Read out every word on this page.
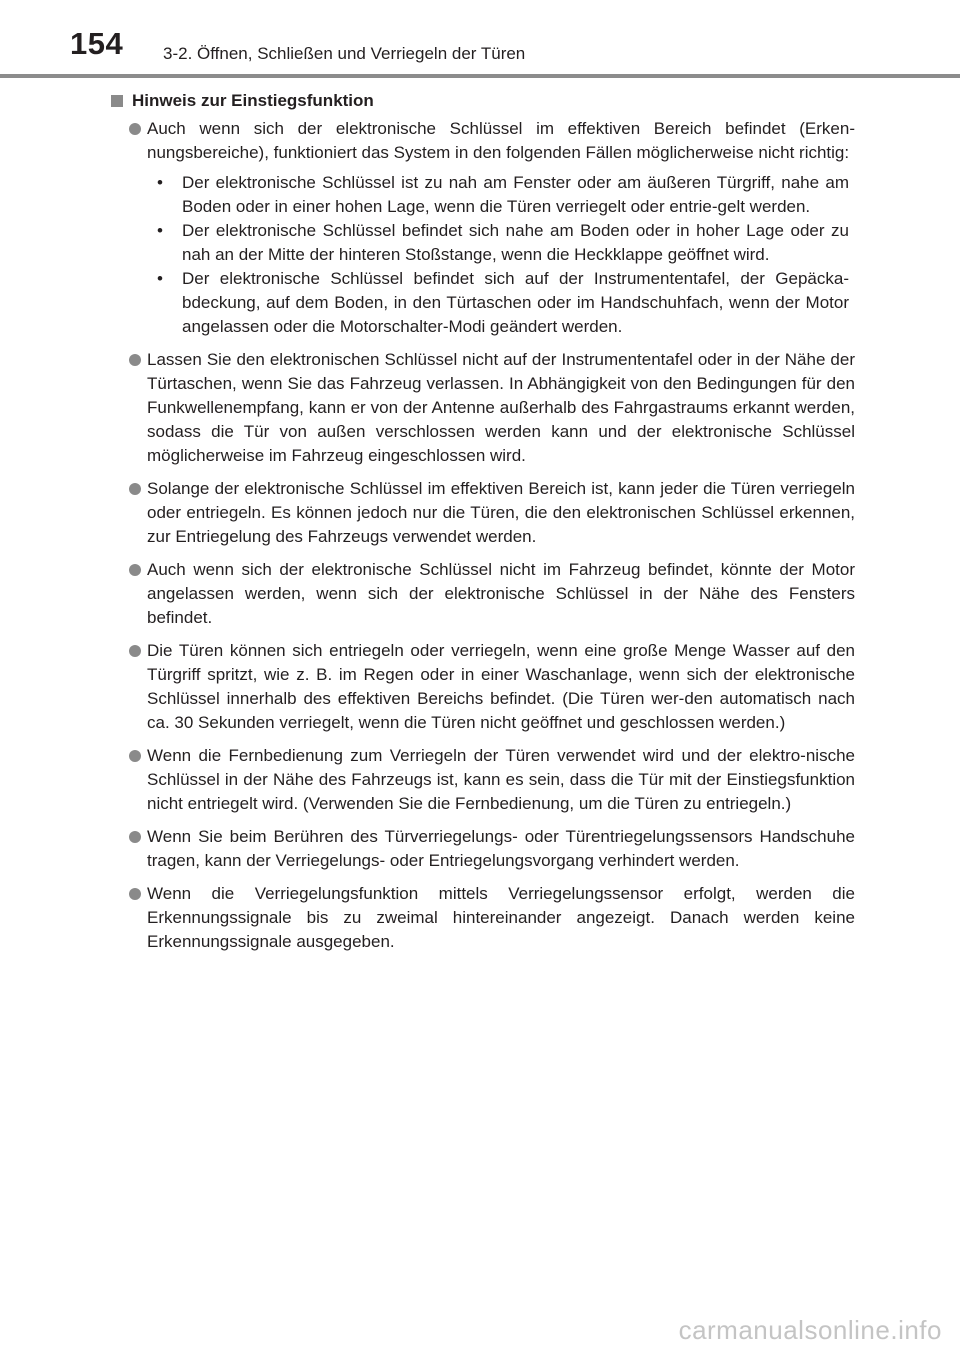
154 3-2. Öffnen, Schließen und Verriegeln der Türen
Hinweis zur Einstiegsfunktion
Auch wenn sich der elektronische Schlüssel im effektiven Bereich befindet (Erken-nungsbereiche), funktioniert das System in den folgenden Fällen möglicherweise nicht richtig:
• Der elektronische Schlüssel ist zu nah am Fenster oder am äußeren Türgriff, nahe am Boden oder in einer hohen Lage, wenn die Türen verriegelt oder entrie-gelt werden.
• Der elektronische Schlüssel befindet sich nahe am Boden oder in hoher Lage oder zu nah an der Mitte der hinteren Stoßstange, wenn die Heckklappe geöffnet wird.
• Der elektronische Schlüssel befindet sich auf der Instrumententafel, der Gepäcka-bdeckung, auf dem Boden, in den Türtaschen oder im Handschuhfach, wenn der Motor angelassen oder die Motorschalter-Modi geändert werden.
Lassen Sie den elektronischen Schlüssel nicht auf der Instrumententafel oder in der Nähe der Türtaschen, wenn Sie das Fahrzeug verlassen. In Abhängigkeit von den Bedingungen für den Funkwellenempfang, kann er von der Antenne außerhalb des Fahrgastraums erkannt werden, sodass die Tür von außen verschlossen werden kann und der elektronische Schlüssel möglicherweise im Fahrzeug eingeschlossen wird.
Solange der elektronische Schlüssel im effektiven Bereich ist, kann jeder die Türen verriegeln oder entriegeln. Es können jedoch nur die Türen, die den elektronischen Schlüssel erkennen, zur Entriegelung des Fahrzeugs verwendet werden.
Auch wenn sich der elektronische Schlüssel nicht im Fahrzeug befindet, könnte der Motor angelassen werden, wenn sich der elektronische Schlüssel in der Nähe des Fensters befindet.
Die Türen können sich entriegeln oder verriegeln, wenn eine große Menge Wasser auf den Türgriff spritzt, wie z. B. im Regen oder in einer Waschanlage, wenn sich der elektronische Schlüssel innerhalb des effektiven Bereichs befindet. (Die Türen wer-den automatisch nach ca. 30 Sekunden verriegelt, wenn die Türen nicht geöffnet und geschlossen werden.)
Wenn die Fernbedienung zum Verriegeln der Türen verwendet wird und der elektro-nische Schlüssel in der Nähe des Fahrzeugs ist, kann es sein, dass die Tür mit der Einstiegsfunktion nicht entriegelt wird. (Verwenden Sie die Fernbedienung, um die Türen zu entriegeln.)
Wenn Sie beim Berühren des Türverriegelungs- oder Türentriegelungssensors Handschuhe tragen, kann der Verriegelungs- oder Entriegelungsvorgang verhindert werden.
Wenn die Verriegelungsfunktion mittels Verriegelungssensor erfolgt, werden die Erkennungssignale bis zu zweimal hintereinander angezeigt. Danach werden keine Erkennungssignale ausgegeben.
carmanualsonline.info
